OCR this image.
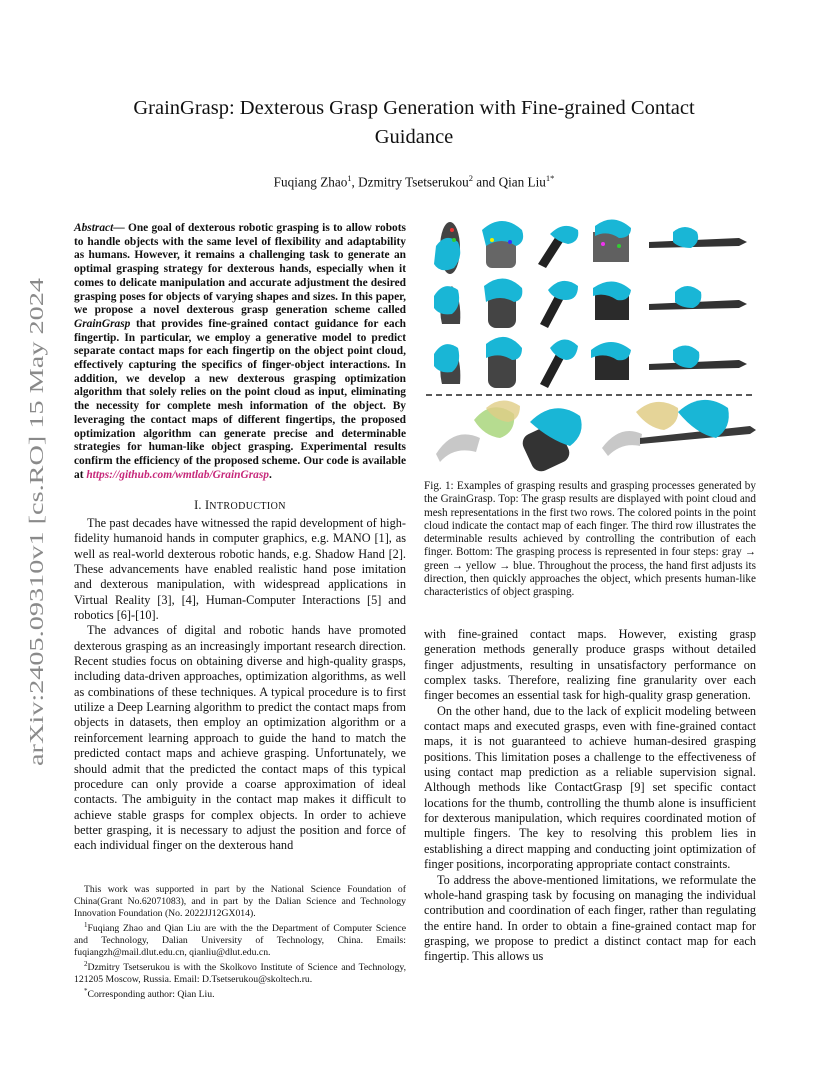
GrainGrasp: Dexterous Grasp Generation with Fine-grained Contact
Guidance
Fuqiang Zhao$^1$, Dzmitry Tsetserukou$^2$ and Qian Liu$^{1*}$
arXiv:2405.09310v1 [cs.RO] 15 May 2024
Abstract— One goal of dexterous robotic grasping is to allow robots to handle objects with the same level of flexibility and adaptability as humans. However, it remains a challenging task to generate an optimal grasping strategy for dexterous hands, especially when it comes to delicate manipulation and accurate adjustment the desired grasping poses for objects of varying shapes and sizes. In this paper, we propose a novel dexterous grasp generation scheme called GrainGrasp that provides fine-grained contact guidance for each fingertip. In particular, we employ a generative model to predict separate contact maps for each fingertip on the object point cloud, effectively capturing the specifics of finger-object interactions. In addition, we develop a new dexterous grasping optimization algorithm that solely relies on the point cloud as input, eliminating the necessity for complete mesh information of the object. By leveraging the contact maps of different fingertips, the proposed optimization algorithm can generate precise and determinable strategies for human-like object grasping. Experimental results confirm the efficiency of the proposed scheme. Our code is available at https://github.com/wmtlab/GrainGrasp.
I. INTRODUCTION

The past decades have witnessed the rapid development of high-fidelity humanoid hands in computer graphics, e.g. MANO [1], as well as real-world dexterous robotic hands, e.g. Shadow Hand [2]. These advancements have enabled realistic hand pose imitation and dexterous manipulation, with widespread applications in Virtual Reality [3], [4], Human-Computer Interactions [5] and robotics [6]-[10].

The advances of digital and robotic hands have promoted dexterous grasping as an increasingly important research direction. Recent studies focus on obtaining diverse and high-quality grasps, including data-driven approaches, optimization algorithms, as well as combinations of these techniques. A typical procedure is to first utilize a Deep Learning algorithm to predict the contact maps from objects in datasets, then employ an optimization algorithm or a reinforcement learning approach to guide the hand to match the predicted contact maps and achieve grasping. Unfortunately, we should admit that the predicted the contact maps of this typical procedure can only provide a coarse approximation of ideal contacts. The ambiguity in the contact map makes it difficult to achieve stable grasps for complex objects. In order to achieve better grasping, it is necessary to adjust the position and force of each individual finger on the dexterous hand

This work was supported in part by the National Science Foundation of China(Grant No.62071083), and in part by the Dalian Science and Technology Innovation Foundation (No. 2022JJ12GX014).

$^1$Fuqiang Zhao and Qian Liu are with the the Department of Computer Science and Technology, Dalian University of Technology, China. Emails: fuqiangzh@mail.dlut.edu.cn, qianliu@dlut.edu.cn.

$^2$Dzmitry Tsetserukou is with the Skolkovo Institute of Science and Technology, 121205 Moscow, Russia. Email: D.Tsetserukou@skoltech.ru.

*Corresponding author: Qian Liu.

Fig. 1: Examples of grasping results and grasping processes generated by the GrainGrasp. Top: The grasp results are displayed with point cloud and mesh representations in the first two rows. The colored points in the point cloud indicate the contact map of each finger. The third row illustrates the determinable results achieved by controlling the contribution of each finger. Bottom: The grasping process is represented in four steps: gray → green → yellow → blue. Throughout the process, the hand first adjusts its direction, then quickly approaches the object, which presents human-like characteristics of object grasping.

with fine-grained contact maps. However, existing grasp generation methods generally produce grasps without detailed finger adjustments, resulting in unsatisfactory performance on complex tasks. Therefore, realizing fine granularity over each finger becomes an essential task for high-quality grasp generation.

On the other hand, due to the lack of explicit modeling between contact maps and executed grasps, even with fine-grained contact maps, it is not guaranteed to achieve human-desired grasping positions. This limitation poses a challenge to the effectiveness of using contact map prediction as a reliable supervision signal. Although methods like ContactGrasp [9] set specific contact locations for the thumb, controlling the thumb alone is insufficient for dexterous manipulation, which requires coordinated motion of multiple fingers. The key to resolving this problem lies in establishing a direct mapping and conducting joint optimization of finger positions, incorporating appropriate contact constraints.

To address the above-mentioned limitations, we reformulate the whole-hand grasping task by focusing on managing the individual contribution and coordination of each finger, rather than regulating the entire hand. In order to obtain a fine-grained contact map for grasping, we propose to predict a distinct contact map for each fingertip. This allows us
